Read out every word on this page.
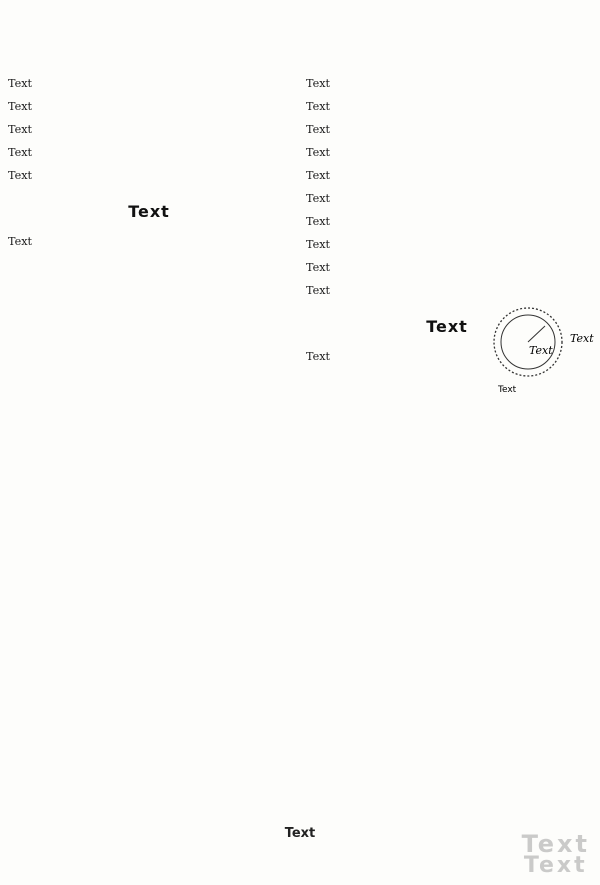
Text
Text
Text
Text
Text
Text
Text
Text
Text
Text
Text
Text
Text
Text
Text
Text
Text
Text
Text	Text
Text
Text
Text	Text
Text
